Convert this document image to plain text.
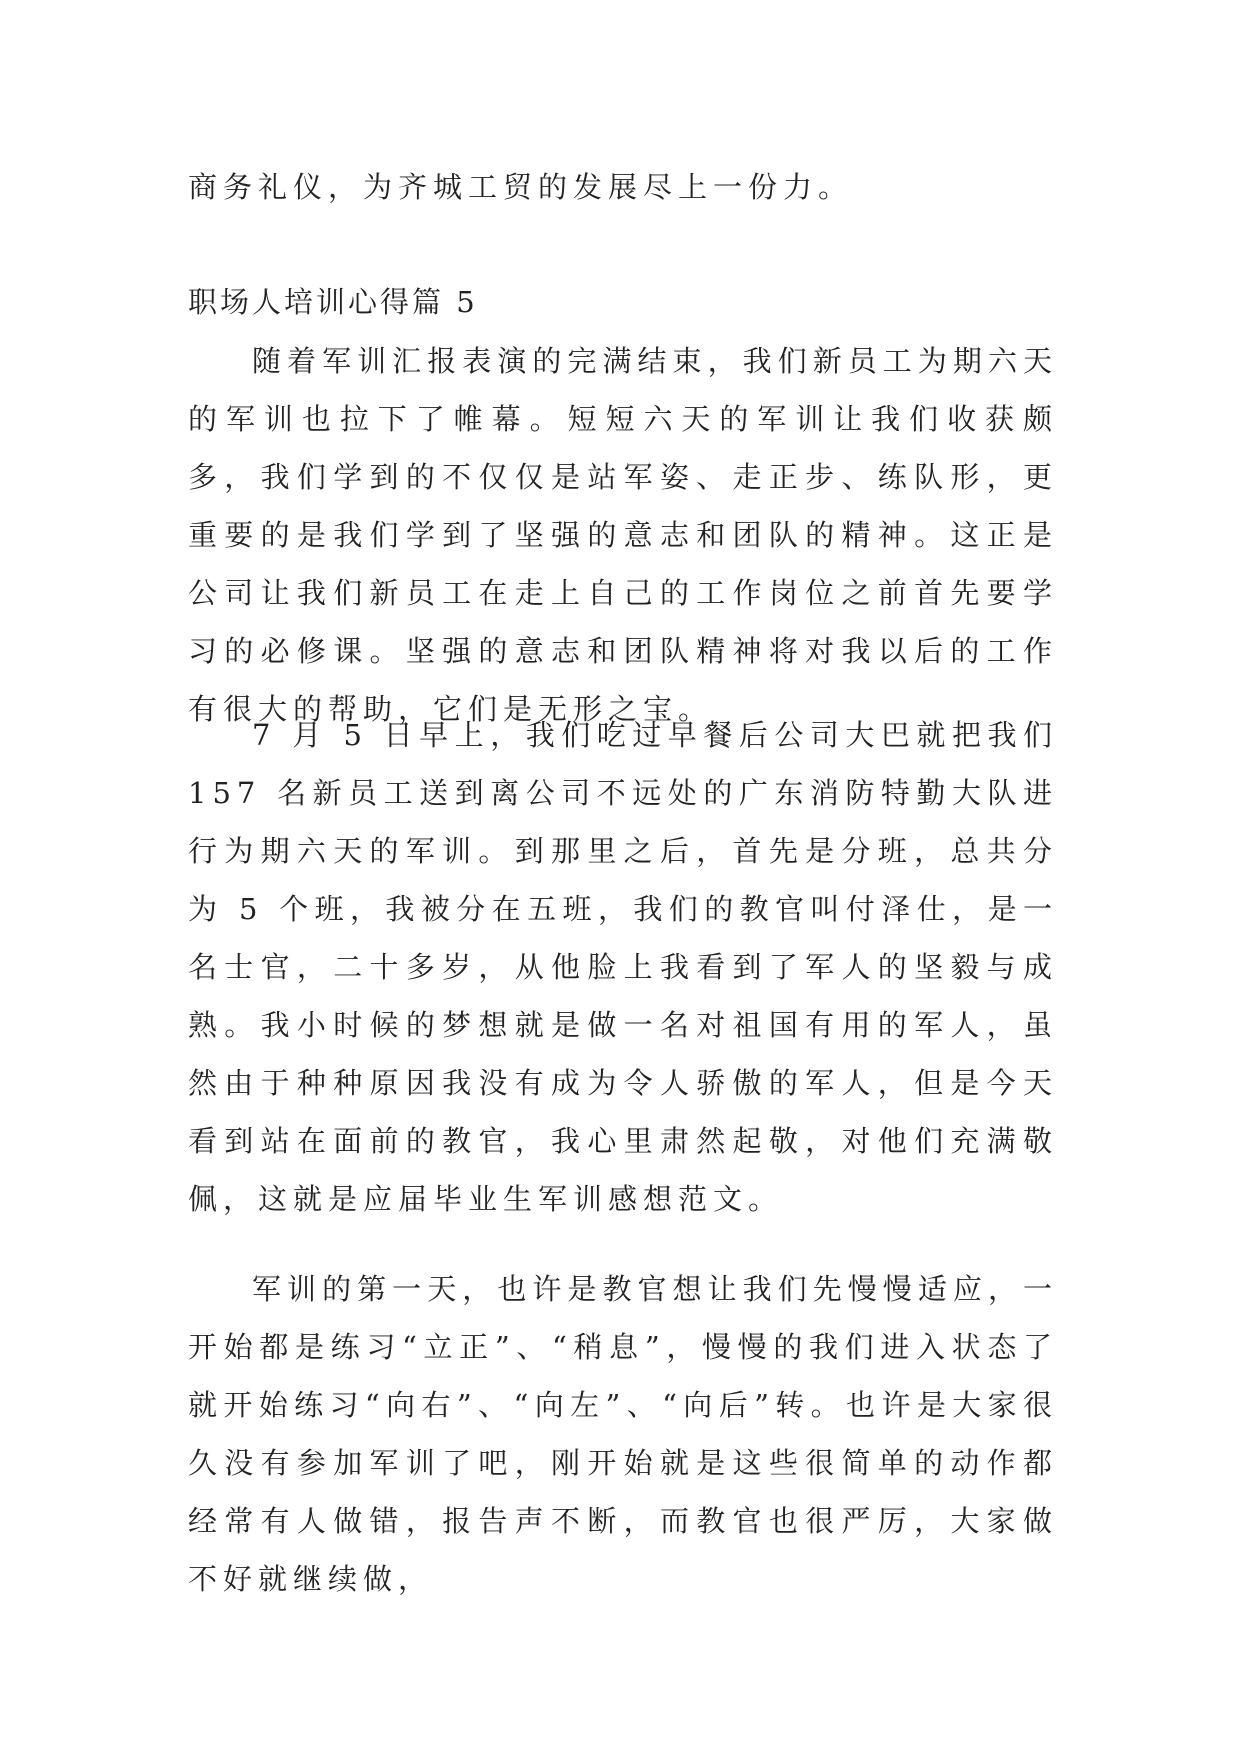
商务礼仪，为齐城工贸的发展尽上一份力。

职场人培训心得篇 5

随着军训汇报表演的完满结束，我们新员工为期六天的军训也拉下了帷幕。短短六天的军训让我们收获颇多，我们学到的不仅仅是站军姿、走正步、练队形，更重要的是我们学到了坚强的意志和团队的精神。这正是公司让我们新员工在走上自己的工作岗位之前首先要学习的必修课。坚强的意志和团队精神将对我以后的工作有很大的帮助，它们是无形之宝。

7 月 5 日早上，我们吃过早餐后公司大巴就把我们 157 名新员工送到离公司不远处的广东消防特勤大队进行为期六天的军训。到那里之后，首先是分班，总共分为 5 个班，我被分在五班，我们的教官叫付泽仕，是一名士官，二十多岁，从他脸上我看到了军人的坚毅与成熟。我小时候的梦想就是做一名对祖国有用的军人，虽然由于种种原因我没有成为令人骄傲的军人，但是今天看到站在面前的教官，我心里肃然起敬，对他们充满敬佩，这就是应届毕业生军训感想范文。

军训的第一天，也许是教官想让我们先慢慢适应，一开始都是练习“立正”、“稍息”，慢慢的我们进入状态了就开始练习“向右”、“向左”、“向后”转。也许是大家很久没有参加军训了吧，刚开始就是这些很简单的动作都经常有人做错，报告声不断，而教官也很严厉，大家做不好就继续做，
